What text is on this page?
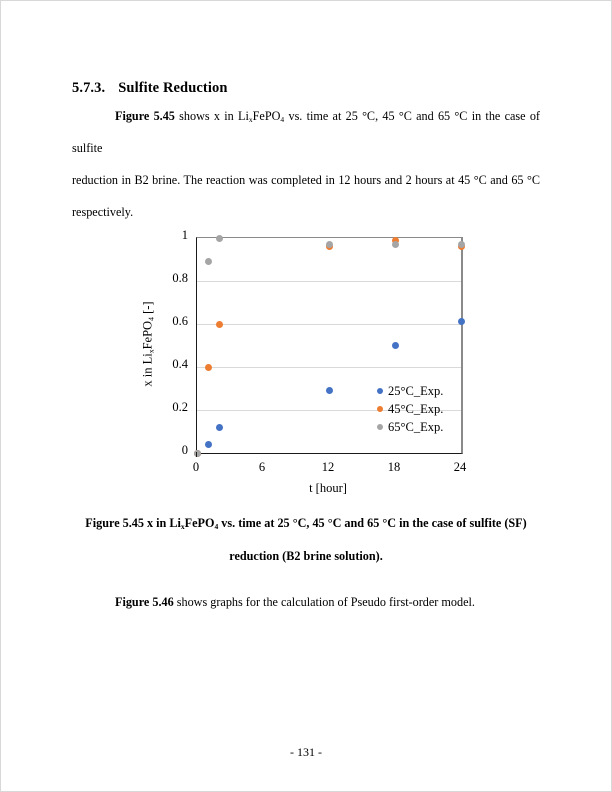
5.7.3. Sulfite Reduction
Figure 5.45 shows x in $Li_xFePO_4$ vs. time at 25 °C, 45 °C and 65 °C in the case of sulfite
reduction in B2 brine. The reaction was completed in 12 hours and 2 hours at 45 °C and 65 °C
respectively.
x in $Li_xFePO_4$ [-]
t [hour]
25°C_Exp.
45°C_Exp.
65°C_Exp.
0
0.2
0.4
0.6
0.8
1
0	6	12	18	24
Figure 5.45 x in $Li_xFePO_4$ vs. time at 25 °C, 45 °C and 65 °C in the case of sulfite (SF)
reduction (B2 brine solution).
Figure 5.46 shows graphs for the calculation of Pseudo first-order model.
- 131 -
